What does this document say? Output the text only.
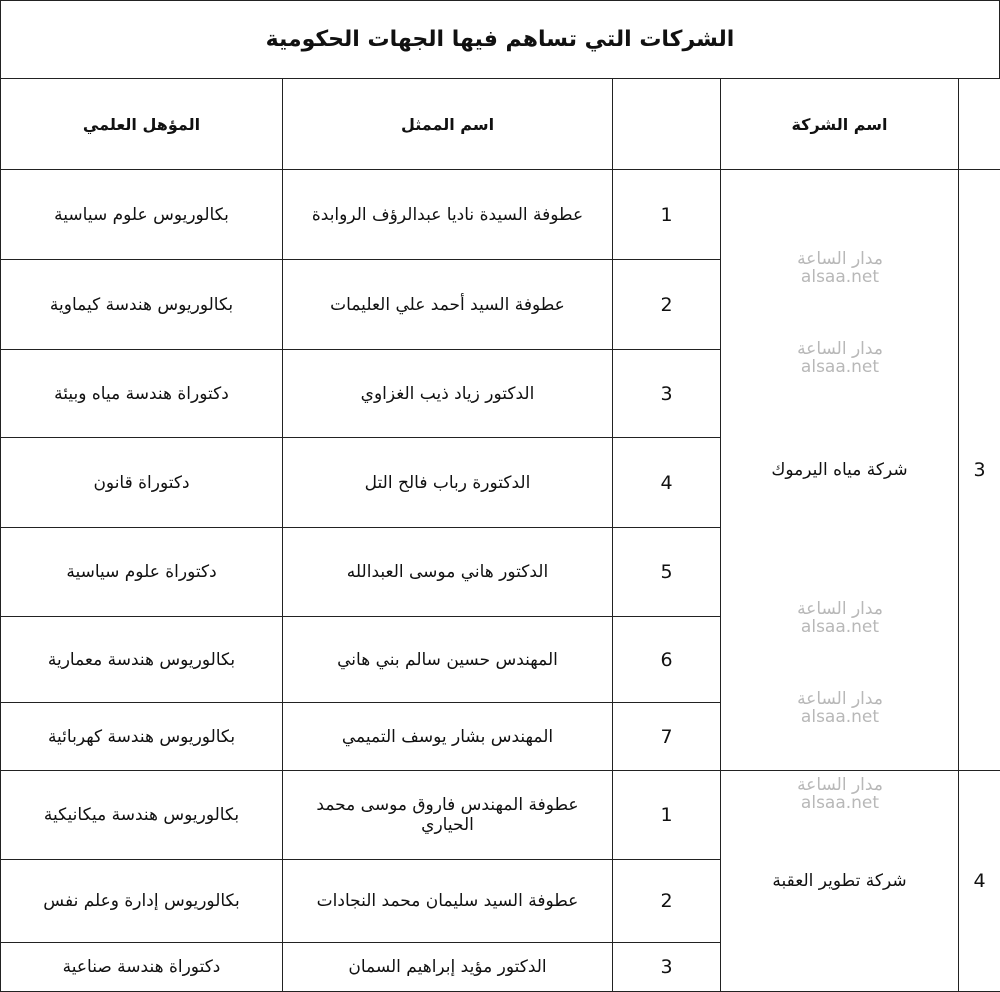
الشركات التي تساهم فيها الجهات الحكومية
	اسم الشركة		اسم الممثل	المؤهل العلمي
3	شركة مياه اليرموك	1	عطوفة السيدة ناديا عبدالرؤف الروابدة	بكالوريوس علوم سياسية
		2	عطوفة السيد أحمد علي العليمات	بكالوريوس هندسة كيماوية
		3	الدكتور زياد ذيب الغزاوي	دكتوراة هندسة مياه وبيئة
		4	الدكتورة رباب فالح التل	دكتوراة قانون
		5	الدكتور هاني موسى العبدالله	دكتوراة علوم سياسية
		6	المهندس حسين سالم بني هاني	بكالوريوس هندسة معمارية
		7	المهندس بشار يوسف التميمي	بكالوريوس هندسة كهربائية
4	شركة تطوير العقبة	1	عطوفة المهندس فاروق موسى محمد الحياري	بكالوريوس هندسة ميكانيكية
		2	عطوفة السيد سليمان محمد النجادات	بكالوريوس إدارة وعلم نفس
		3	الدكتور مؤيد إبراهيم السمان	دكتوراة هندسة صناعية
مدار الساعة
alsaa.net
مدار الساعة
alsaa.net
مدار الساعة
alsaa.net
مدار الساعة
alsaa.net
مدار الساعة
alsaa.net
